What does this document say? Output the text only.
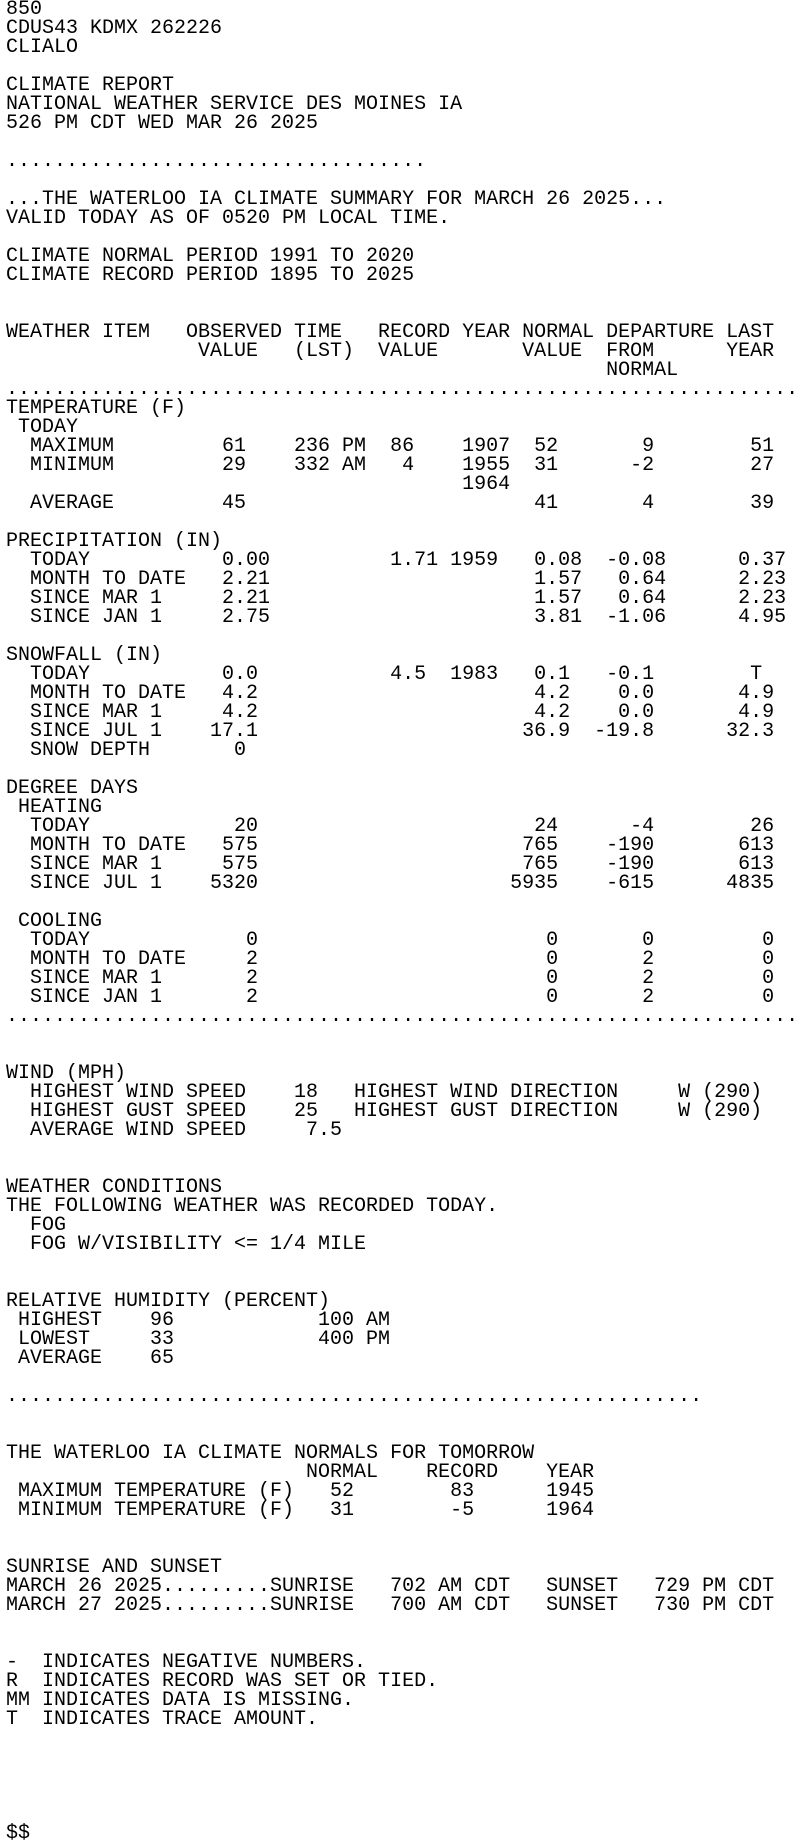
850
CDUS43 KDMX 262226
CLIALO
CLIMATE REPORT
NATIONAL WEATHER SERVICE DES MOINES IA
526 PM CDT WED MAR 26 2025
...................................
...THE WATERLOO IA CLIMATE SUMMARY FOR MARCH 26 2025...
VALID TODAY AS OF 0520 PM LOCAL TIME.
CLIMATE NORMAL PERIOD 1991 TO 2020
CLIMATE RECORD PERIOD 1895 TO 2025
WEATHER ITEM   OBSERVED TIME   RECORD YEAR NORMAL DEPARTURE LAST
VALUE   (LST)  VALUE       VALUE  FROM      YEAR
NORMAL
..................................................................
TEMPERATURE (F)
TODAY
MAXIMUM         61    236 PM  86    1907  52       9        51
MINIMUM         29    332 AM   4    1955  31      -2        27
1964
AVERAGE         45                        41       4        39
PRECIPITATION (IN)
TODAY           0.00          1.71 1959   0.08  -0.08      0.37
MONTH TO DATE   2.21                      1.57   0.64      2.23
SINCE MAR 1     2.21                      1.57   0.64      2.23
SINCE JAN 1     2.75                      3.81  -1.06      4.95
SNOWFALL (IN)
TODAY           0.0           4.5  1983   0.1   -0.1        T
MONTH TO DATE   4.2                       4.2    0.0       4.9
SINCE MAR 1     4.2                       4.2    0.0       4.9
SINCE JUL 1    17.1                      36.9  -19.8      32.3
SNOW DEPTH       0
DEGREE DAYS
HEATING
TODAY            20                       24      -4        26
MONTH TO DATE   575                      765    -190       613
SINCE MAR 1     575                      765    -190       613
SINCE JUL 1    5320                     5935    -615      4835
COOLING
TODAY             0                        0       0         0
MONTH TO DATE     2                        0       2         0
SINCE MAR 1       2                        0       2         0
SINCE JAN 1       2                        0       2         0
..................................................................
WIND (MPH)
HIGHEST WIND SPEED    18   HIGHEST WIND DIRECTION     W (290)
HIGHEST GUST SPEED    25   HIGHEST GUST DIRECTION     W (290)
AVERAGE WIND SPEED     7.5
WEATHER CONDITIONS
THE FOLLOWING WEATHER WAS RECORDED TODAY.
FOG
FOG W/VISIBILITY <= 1/4 MILE
RELATIVE HUMIDITY (PERCENT)
HIGHEST    96            100 AM
LOWEST     33            400 PM
AVERAGE    65
..........................................................
THE WATERLOO IA CLIMATE NORMALS FOR TOMORROW
NORMAL    RECORD    YEAR
MAXIMUM TEMPERATURE (F)   52        83      1945
MINIMUM TEMPERATURE (F)   31        -5      1964
SUNRISE AND SUNSET
MARCH 26 2025.........SUNRISE   702 AM CDT   SUNSET   729 PM CDT
MARCH 27 2025.........SUNRISE   700 AM CDT   SUNSET   730 PM CDT
-  INDICATES NEGATIVE NUMBERS.
R  INDICATES RECORD WAS SET OR TIED.
MM INDICATES DATA IS MISSING.
T  INDICATES TRACE AMOUNT.
$$
